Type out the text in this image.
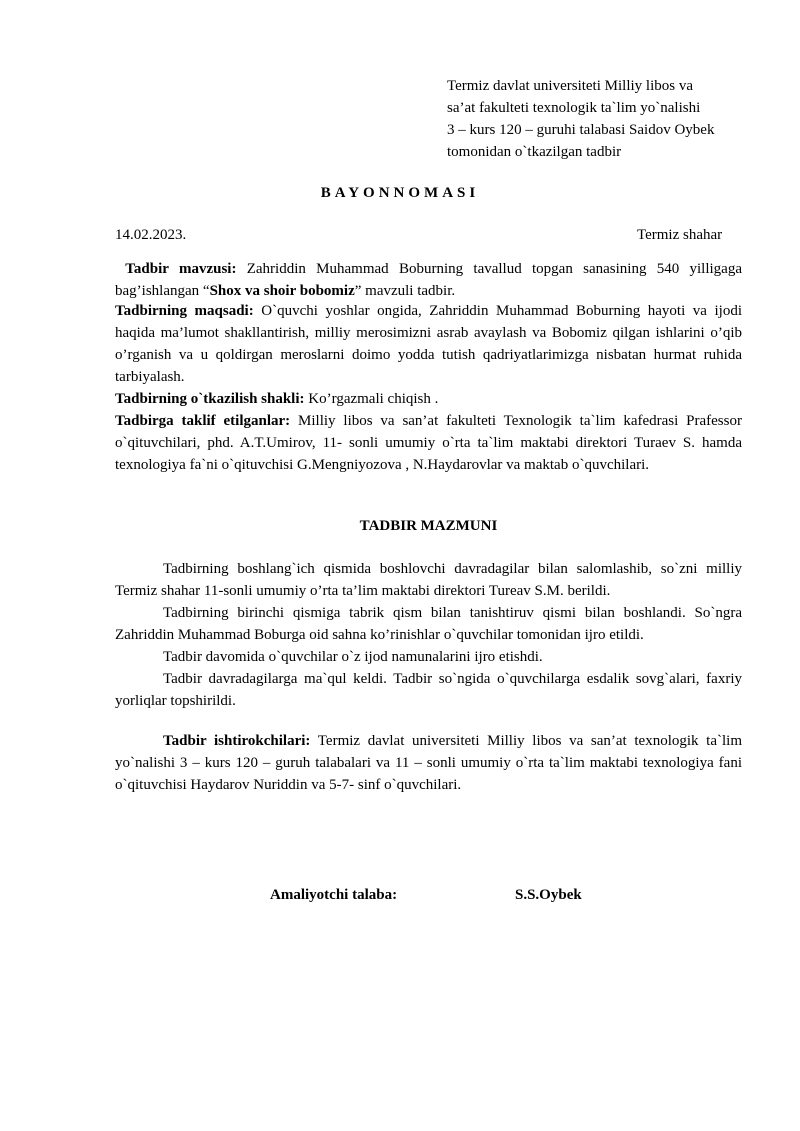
Termiz davlat universiteti Milliy libos va
sa’at fakulteti texnologik ta`lim yo`nalishi
3 – kurs 120 – guruhi talabasi Saidov Oybek
tomonidan o`tkazilgan tadbir
BAYONNOMASI
14.02.2023.	Termiz shahar
Tadbir mavzusi: Zahriddin Muhammad Boburning tavallud topgan sanasining 540 yilligaga bag’ishlangan “Shox va shoir bobomiz” mavzuli tadbir.
Tadbirning maqsadi: O`quvchi yoshlar ongida, Zahriddin Muhammad Boburning hayoti va ijodi haqida ma’lumot shakllantirish, milliy merosimizni asrab avaylash va Bobomiz qilgan ishlarini o’qib o’rganish va u qoldirgan meroslarni doimo yodda tutish qadriyatlarimizga nisbatan hurmat ruhida tarbiyalash.
Tadbirning o`tkazilish shakli: Ko’rgazmali chiqish .
Tadbirga taklif etilganlar: Milliy libos va san’at fakulteti Texnologik ta`lim kafedrasi Prafessor o`qituvchilari, phd. A.T.Umirov, 11- sonli umumiy o`rta ta`lim maktabi direktori Turaev S. hamda texnologiya fa`ni o`qituvchisi G.Mengniyozova , N.Haydarovlar va maktab o`quvchilari.
TADBIR MAZMUNI
Tadbirning boshlang`ich qismida boshlovchi davradagilar bilan salomlashib, so`zni milliy Termiz shahar 11-sonli umumiy o’rta ta’lim maktabi direktori Tureav S.M. berildi.
Tadbirning birinchi qismiga tabrik qism bilan tanishtiruv qismi bilan boshlandi. So`ngra Zahriddin Muhammad Boburga oid sahna ko’rinishlar o`quvchilar tomonidan ijro etildi.
Tadbir davomida o`quvchilar o`z ijod namunalarini ijro etishdi.
Tadbir davradagilarga ma`qul keldi. Tadbir so`ngida o`quvchilarga esdalik sovg`alari, faxriy yorliqlar topshirildi.
Tadbir ishtirokchilari: Termiz davlat universiteti Milliy libos va san’at texnologik ta`lim yo`nalishi 3 – kurs 120 – guruh talabalari va 11 – sonli umumiy o`rta ta`lim maktabi texnologiya fani o`qituvchisi Haydarov Nuriddin va 5-7- sinf o`quvchilari.
Amaliyotchi talaba:	S.S.Oybek
